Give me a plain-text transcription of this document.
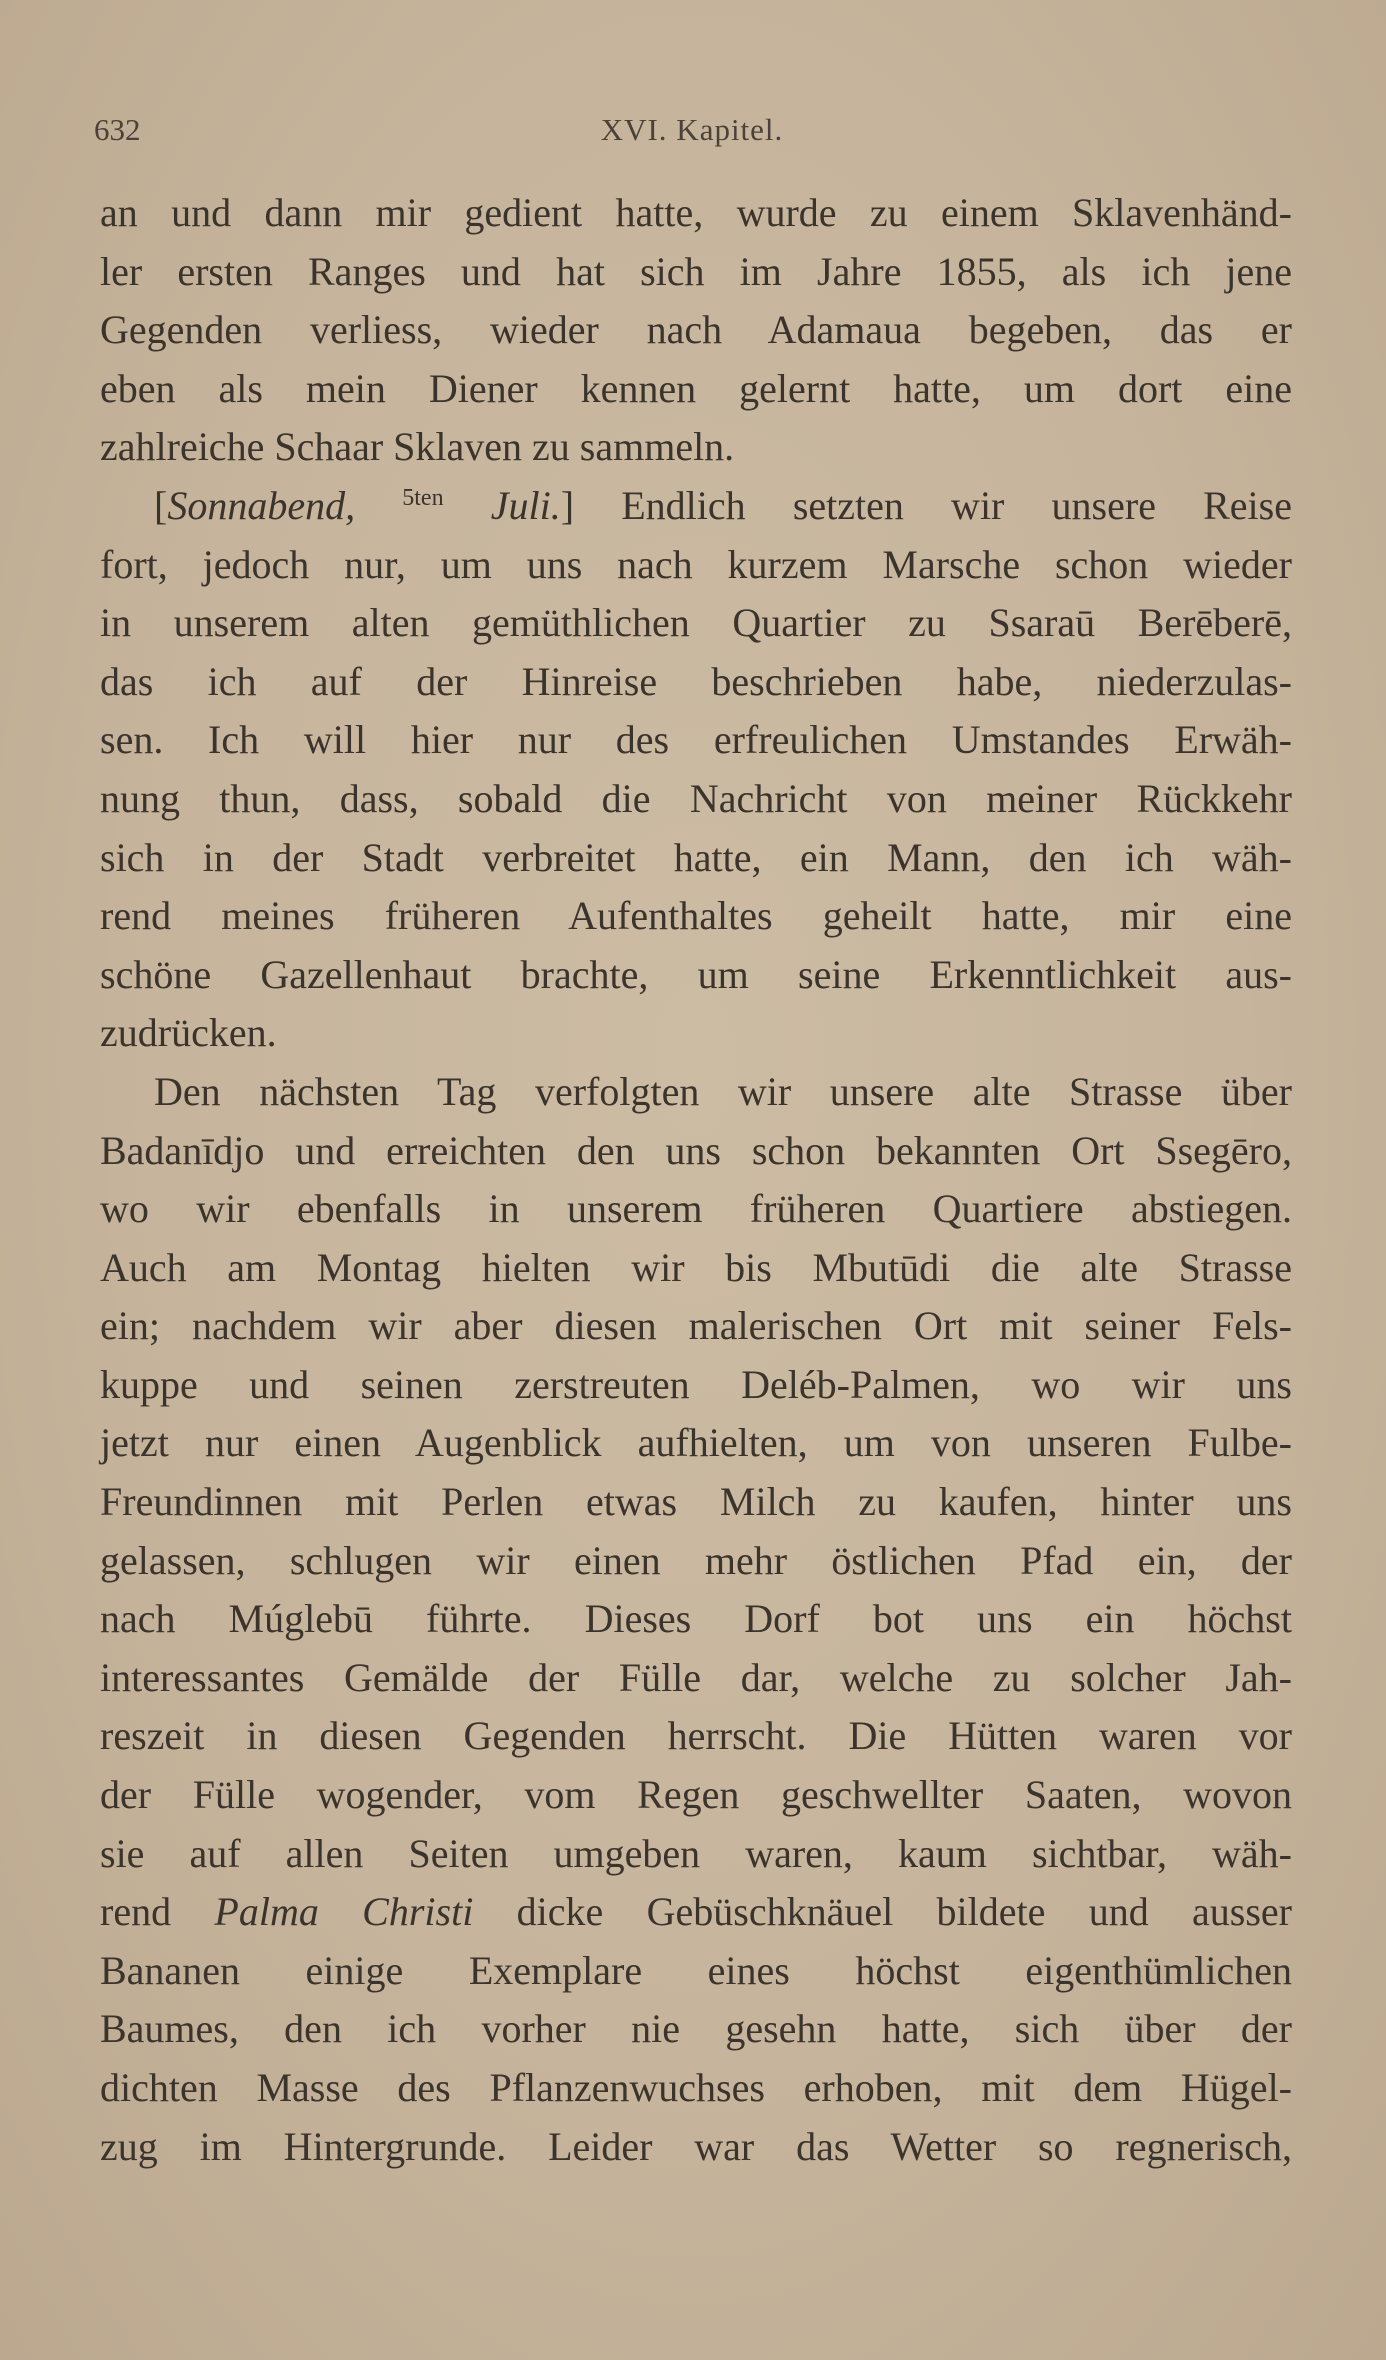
632	XVI. Kapitel.
an und dann mir gedient hatte, wurde zu einem Sklavenhänd-
ler ersten Ranges und hat sich im Jahre 1855, als ich jene
Gegenden verliess, wieder nach Adamaua begeben, das er
eben als mein Diener kennen gelernt hatte, um dort eine
zahlreiche Schaar Sklaven zu sammeln.
[Sonnabend, $^{5ten}$ Juli.] Endlich setzten wir unsere Reise
fort, jedoch nur, um uns nach kurzem Marsche schon wieder
in unserem alten gemüthlichen Quartier zu Ssaraū Berēberē,
das ich auf der Hinreise beschrieben habe, niederzulas-
sen. Ich will hier nur des erfreulichen Umstandes Erwäh-
nung thun, dass, sobald die Nachricht von meiner Rückkehr
sich in der Stadt verbreitet hatte, ein Mann, den ich wäh-
rend meines früheren Aufenthaltes geheilt hatte, mir eine
schöne Gazellenhaut brachte, um seine Erkenntlichkeit aus-
zudrücken.
Den nächsten Tag verfolgten wir unsere alte Strasse über
Badanīdjo und erreichten den uns schon bekannten Ort Ssegēro,
wo wir ebenfalls in unserem früheren Quartiere abstiegen.
Auch am Montag hielten wir bis Mbutūdi die alte Strasse
ein; nachdem wir aber diesen malerischen Ort mit seiner Fels-
kuppe und seinen zerstreuten Deléb-Palmen, wo wir uns
jetzt nur einen Augenblick aufhielten, um von unseren Fulbe-
Freundinnen mit Perlen etwas Milch zu kaufen, hinter uns
gelassen, schlugen wir einen mehr östlichen Pfad ein, der
nach Múglebū führte. Dieses Dorf bot uns ein höchst
interessantes Gemälde der Fülle dar, welche zu solcher Jah-
reszeit in diesen Gegenden herrscht. Die Hütten waren vor
der Fülle wogender, vom Regen geschwellter Saaten, wovon
sie auf allen Seiten umgeben waren, kaum sichtbar, wäh-
rend Palma Christi dicke Gebüschknäuel bildete und ausser
Bananen einige Exemplare eines höchst eigenthümlichen
Baumes, den ich vorher nie gesehn hatte, sich über der
dichten Masse des Pflanzenwuchses erhoben, mit dem Hügel-
zug im Hintergrunde. Leider war das Wetter so regnerisch,
